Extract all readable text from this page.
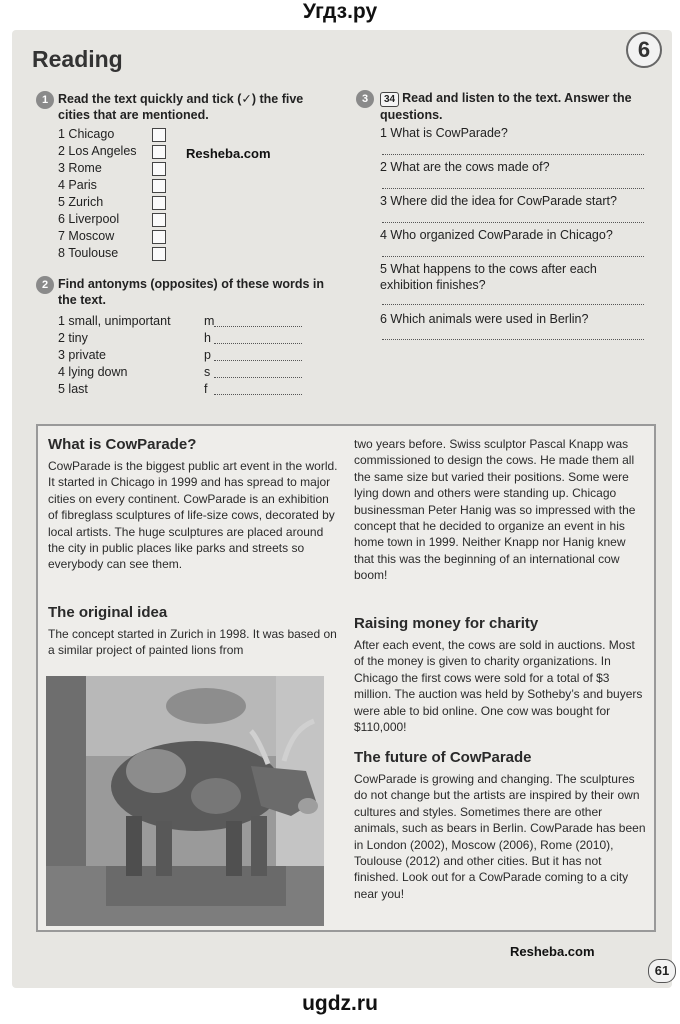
Угдз.ру
Reading	6
1 Read the text quickly and tick (✓) the five cities that are mentioned.
1 Chicago
2 Los Angeles
3 Rome
4 Paris
5 Zurich
6 Liverpool
7 Moscow
8 Toulouse
Resheba.com
2 Find antonyms (opposites) of these words in the text.
1 small, unimportant	m
2 tiny	h
3 private	p
4 lying down	s
5 last	f
3	34 Read and listen to the text. Answer the questions.
1 What is CowParade?
2 What are the cows made of?
3 Where did the idea for CowParade start?
4 Who organized CowParade in Chicago?
5 What happens to the cows after each exhibition finishes?
6 Which animals were used in Berlin?
What is CowParade?
CowParade is the biggest public art event in the world. It started in Chicago in 1999 and has spread to major cities on every continent. CowParade is an exhibition of fibreglass sculptures of life-size cows, decorated by local artists. The huge sculptures are placed around the city in public places like parks and streets so everybody can see them.
The original idea
The concept started in Zurich in 1998. It was based on a similar project of painted lions from
two years before. Swiss sculptor Pascal Knapp was commissioned to design the cows. He made them all the same size but varied their positions. Some were lying down and others were standing up. Chicago businessman Peter Hanig was so impressed with the concept that he decided to organize an event in his home town in 1999. Neither Knapp nor Hanig knew that this was the beginning of an international cow boom!
Raising money for charity
After each event, the cows are sold in auctions. Most of the money is given to charity organizations. In Chicago the first cows were sold for a total of $3 million. The auction was held by Sotheby’s and buyers were able to bid online. One cow was bought for $110,000!
The future of CowParade
CowParade is growing and changing. The sculptures do not change but the artists are inspired by their own cultures and styles. Sometimes there are other animals, such as bears in Berlin. CowParade has been in London (2002), Moscow (2006), Rome (2010), Toulouse (2012) and other cities. But it has not finished. Look out for a CowParade coming to a city near you!
Resheba.com
61
ugdz.ru
